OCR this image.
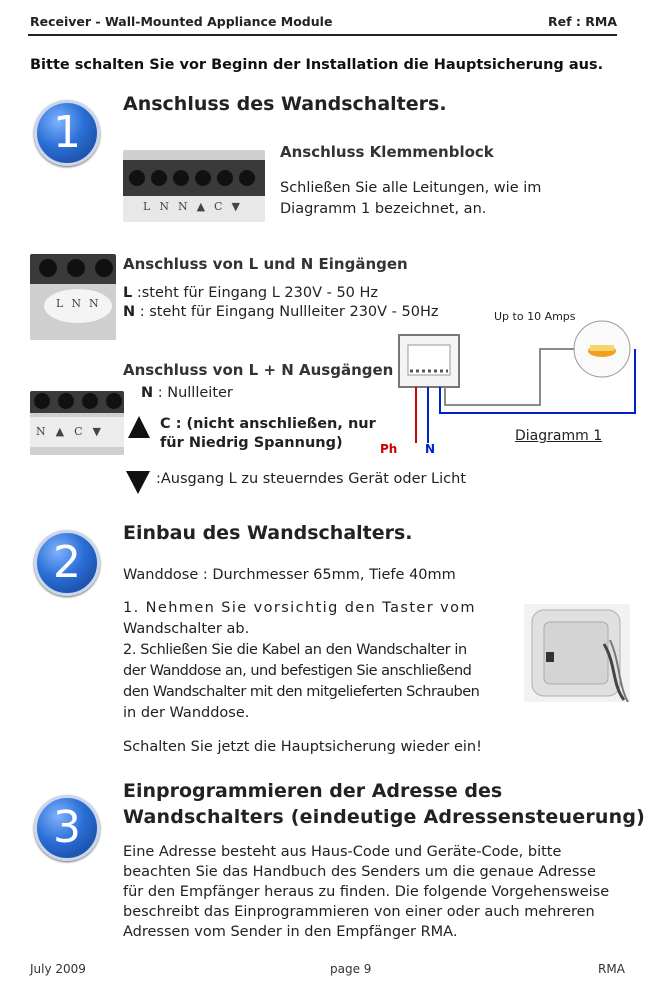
Receiver - Wall-Mounted Appliance Module	Ref : RMA
Bitte schalten Sie vor Beginn der Installation die Hauptsicherung aus.
1
Anschluss des Wandschalters.
LNN▲C▼
Anschluss Klemmenblock
Schließen Sie alle Leitungen, wie im
Diagramm 1 bezeichnet, an.
LNN
Anschluss von L und N Eingängen
L :steht für Eingang L 230V - 50 Hz
N : steht für Eingang Nullleiter 230V - 50Hz	Up to 10 Amps
Ph N
Diagramm 1
Anschluss von L + N Ausgängen
N : Nullleiter
N▲C▼	C : (nicht anschließen, nur
für Niedrig Spannung)
:Ausgang L zu steuerndes Gerät oder Licht
2
Einbau des Wandschalters.
Wanddose : Durchmesser 65mm, Tiefe 40mm
1. Nehmen Sie vorsichtig den Taster vom
Wandschalter ab.
2. Schließen Sie die Kabel an den Wandschalter in
der Wanddose an, und befestigen Sie anschließend
den Wandschalter mit den mitgelieferten Schrauben
in der Wanddose.
Schalten Sie jetzt die Hauptsicherung wieder ein!
3
Einprogrammieren der Adresse des
Wandschalters (eindeutige Adressensteuerung)
Eine Adresse besteht aus Haus-Code und Geräte-Code, bitte
beachten Sie das Handbuch des Senders um die genaue Adresse
für den Empfänger heraus zu finden. Die folgende Vorgehensweise
beschreibt das Einprogrammieren von einer oder auch mehreren
Adressen vom Sender in den Empfänger RMA.
July 2009	page 9	RMA
